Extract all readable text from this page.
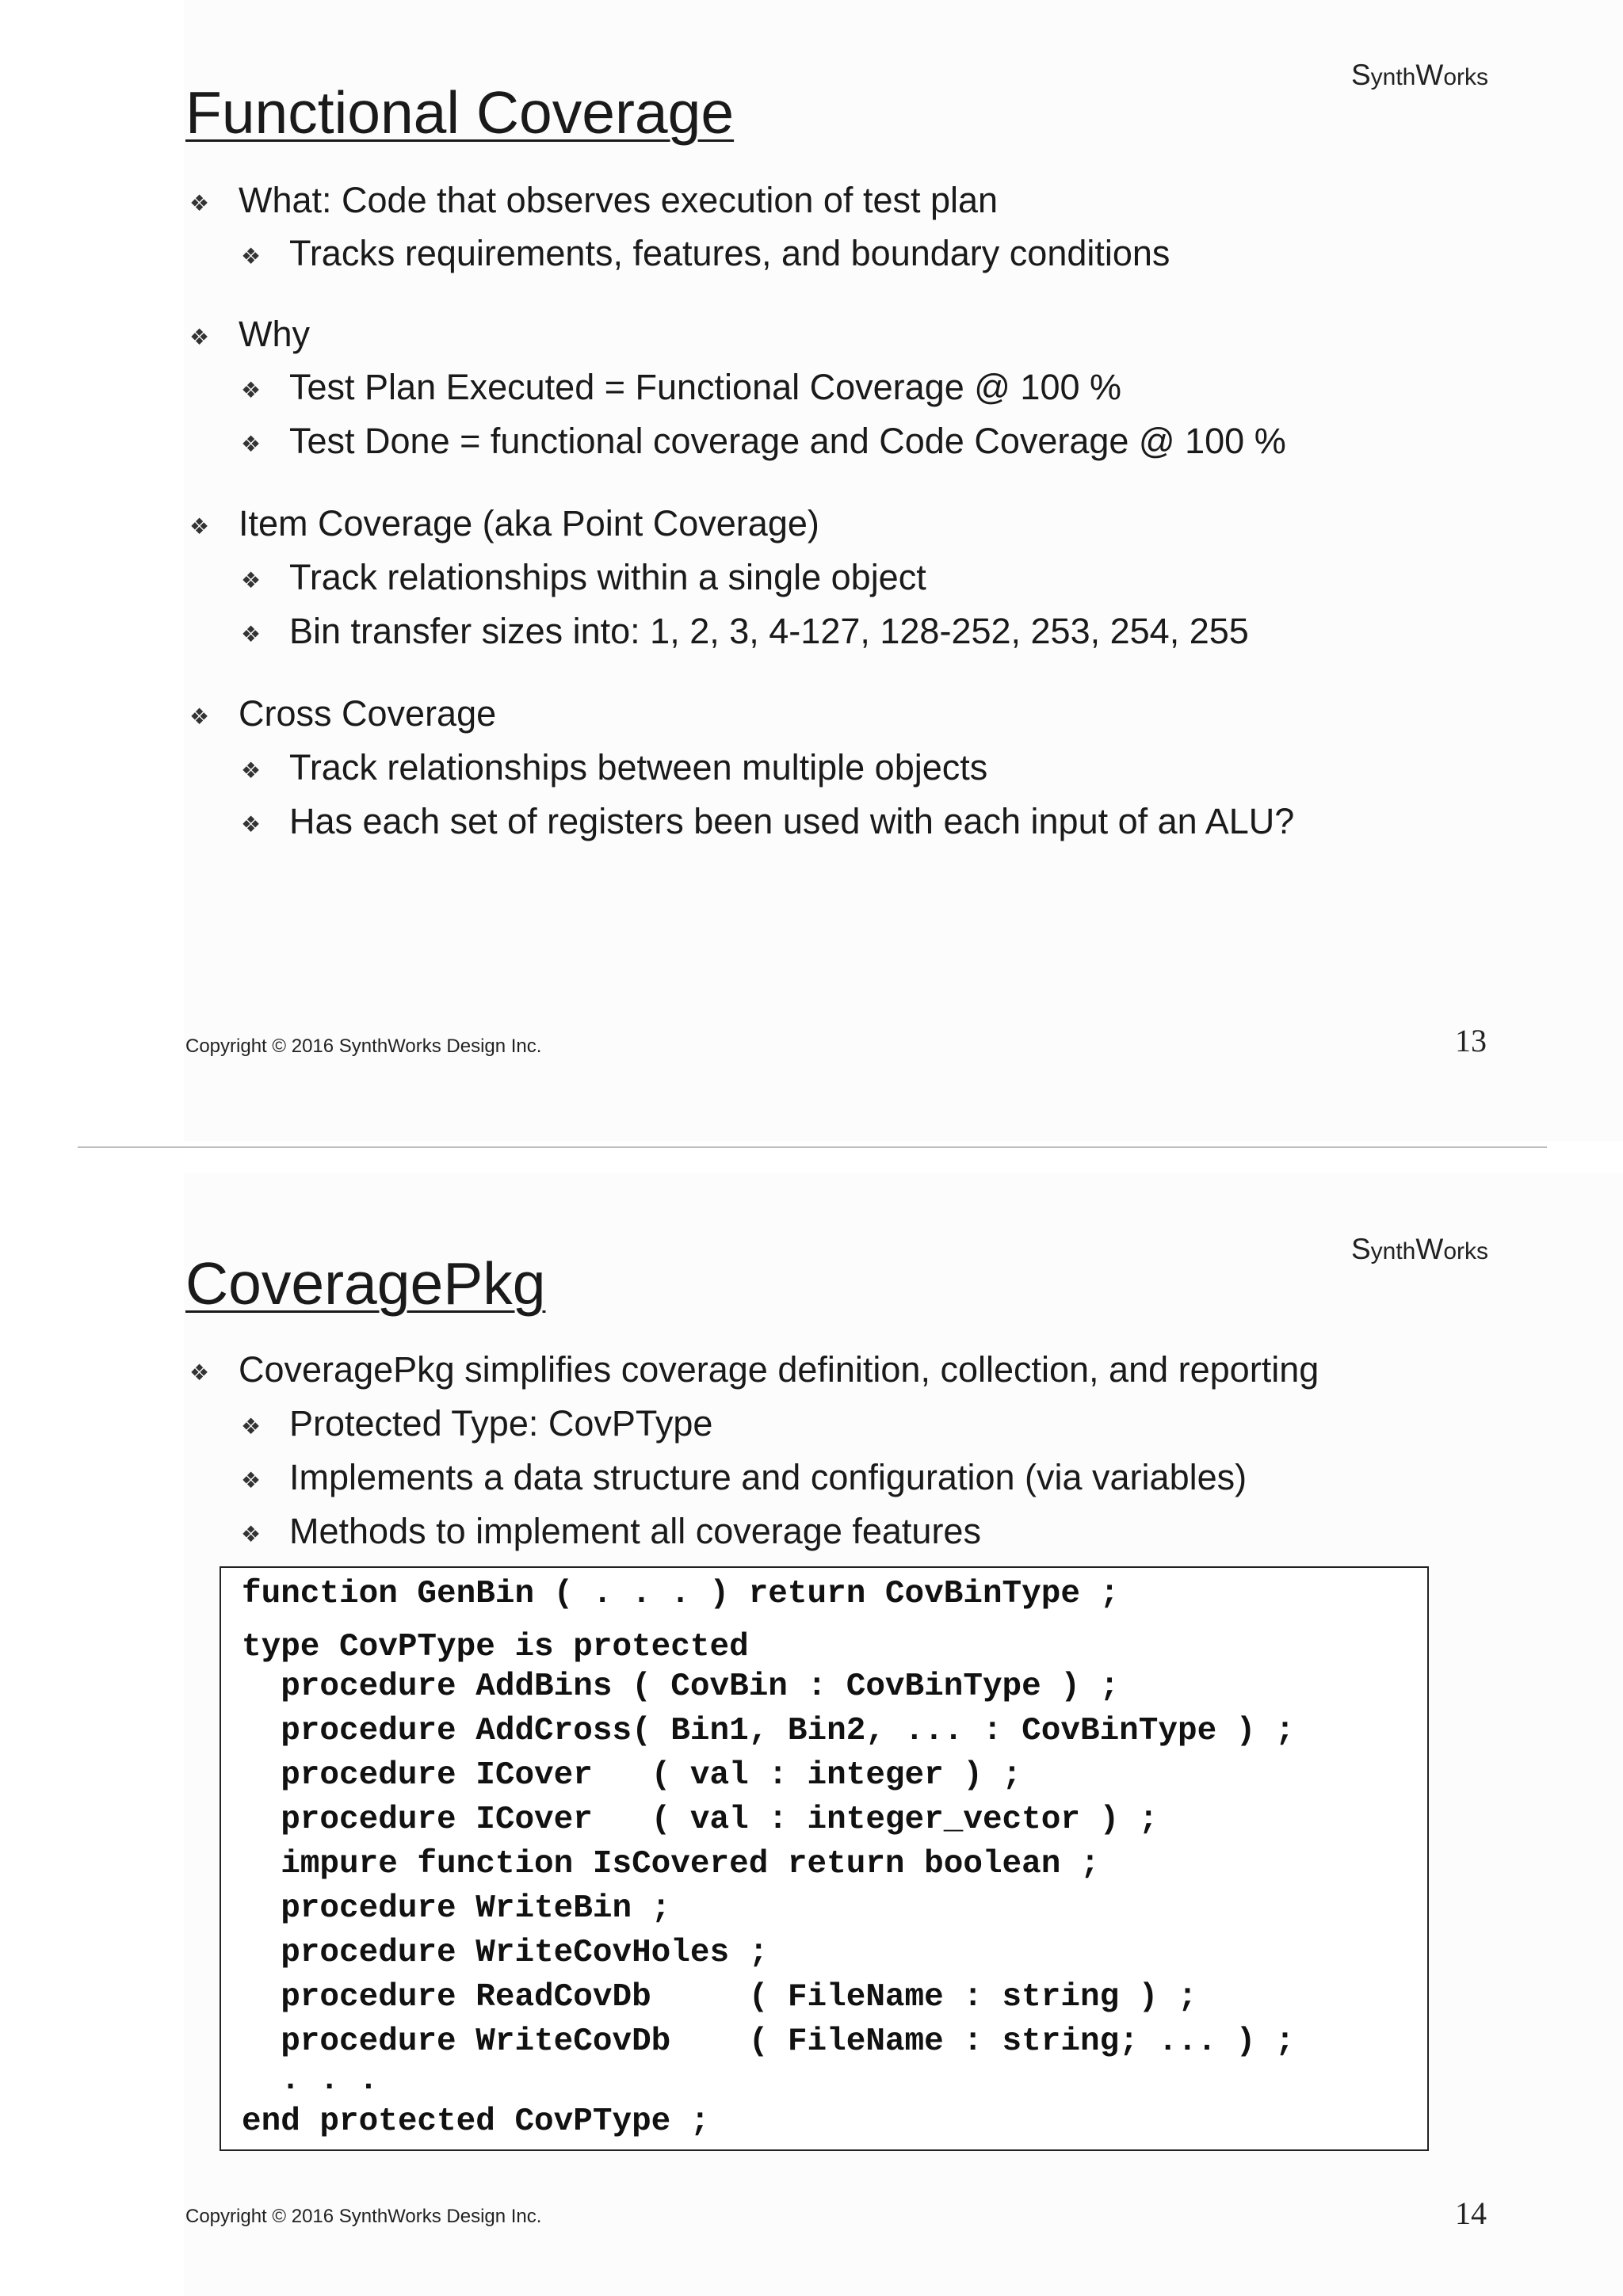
SynthWorks
Functional Coverage
❖ What: Code that observes execution of test plan
❖ Tracks requirements, features, and boundary conditions
❖ Why
❖ Test Plan Executed = Functional Coverage @ 100 %
❖ Test Done = functional coverage and Code Coverage @ 100 %
❖ Item Coverage (aka Point Coverage)
❖ Track relationships within a single object
❖ Bin transfer sizes into: 1, 2, 3, 4-127, 128-252, 253, 254, 255
❖ Cross Coverage
❖ Track relationships between multiple objects
❖ Has each set of registers been used with each input of an ALU?
Copyright © 2016 SynthWorks Design Inc.	13
SynthWorks
CoveragePkg
❖ CoveragePkg simplifies coverage definition, collection, and reporting
❖ Protected Type: CovPType
❖ Implements a data structure and configuration (via variables)
❖ Methods to implement all coverage features
function GenBin ( . . . ) return CovBinType ;
type CovPType is protected
procedure AddBins ( CovBin : CovBinType ) ;
procedure AddCross( Bin1, Bin2, ... : CovBinType ) ;
procedure ICover   ( val : integer ) ;
procedure ICover   ( val : integer_vector ) ;
impure function IsCovered return boolean ;
procedure WriteBin ;
procedure WriteCovHoles ;
procedure ReadCovDb     ( FileName : string ) ;
procedure WriteCovDb    ( FileName : string; ... ) ;
. . .
end protected CovPType ;
Copyright © 2016 SynthWorks Design Inc.	14
